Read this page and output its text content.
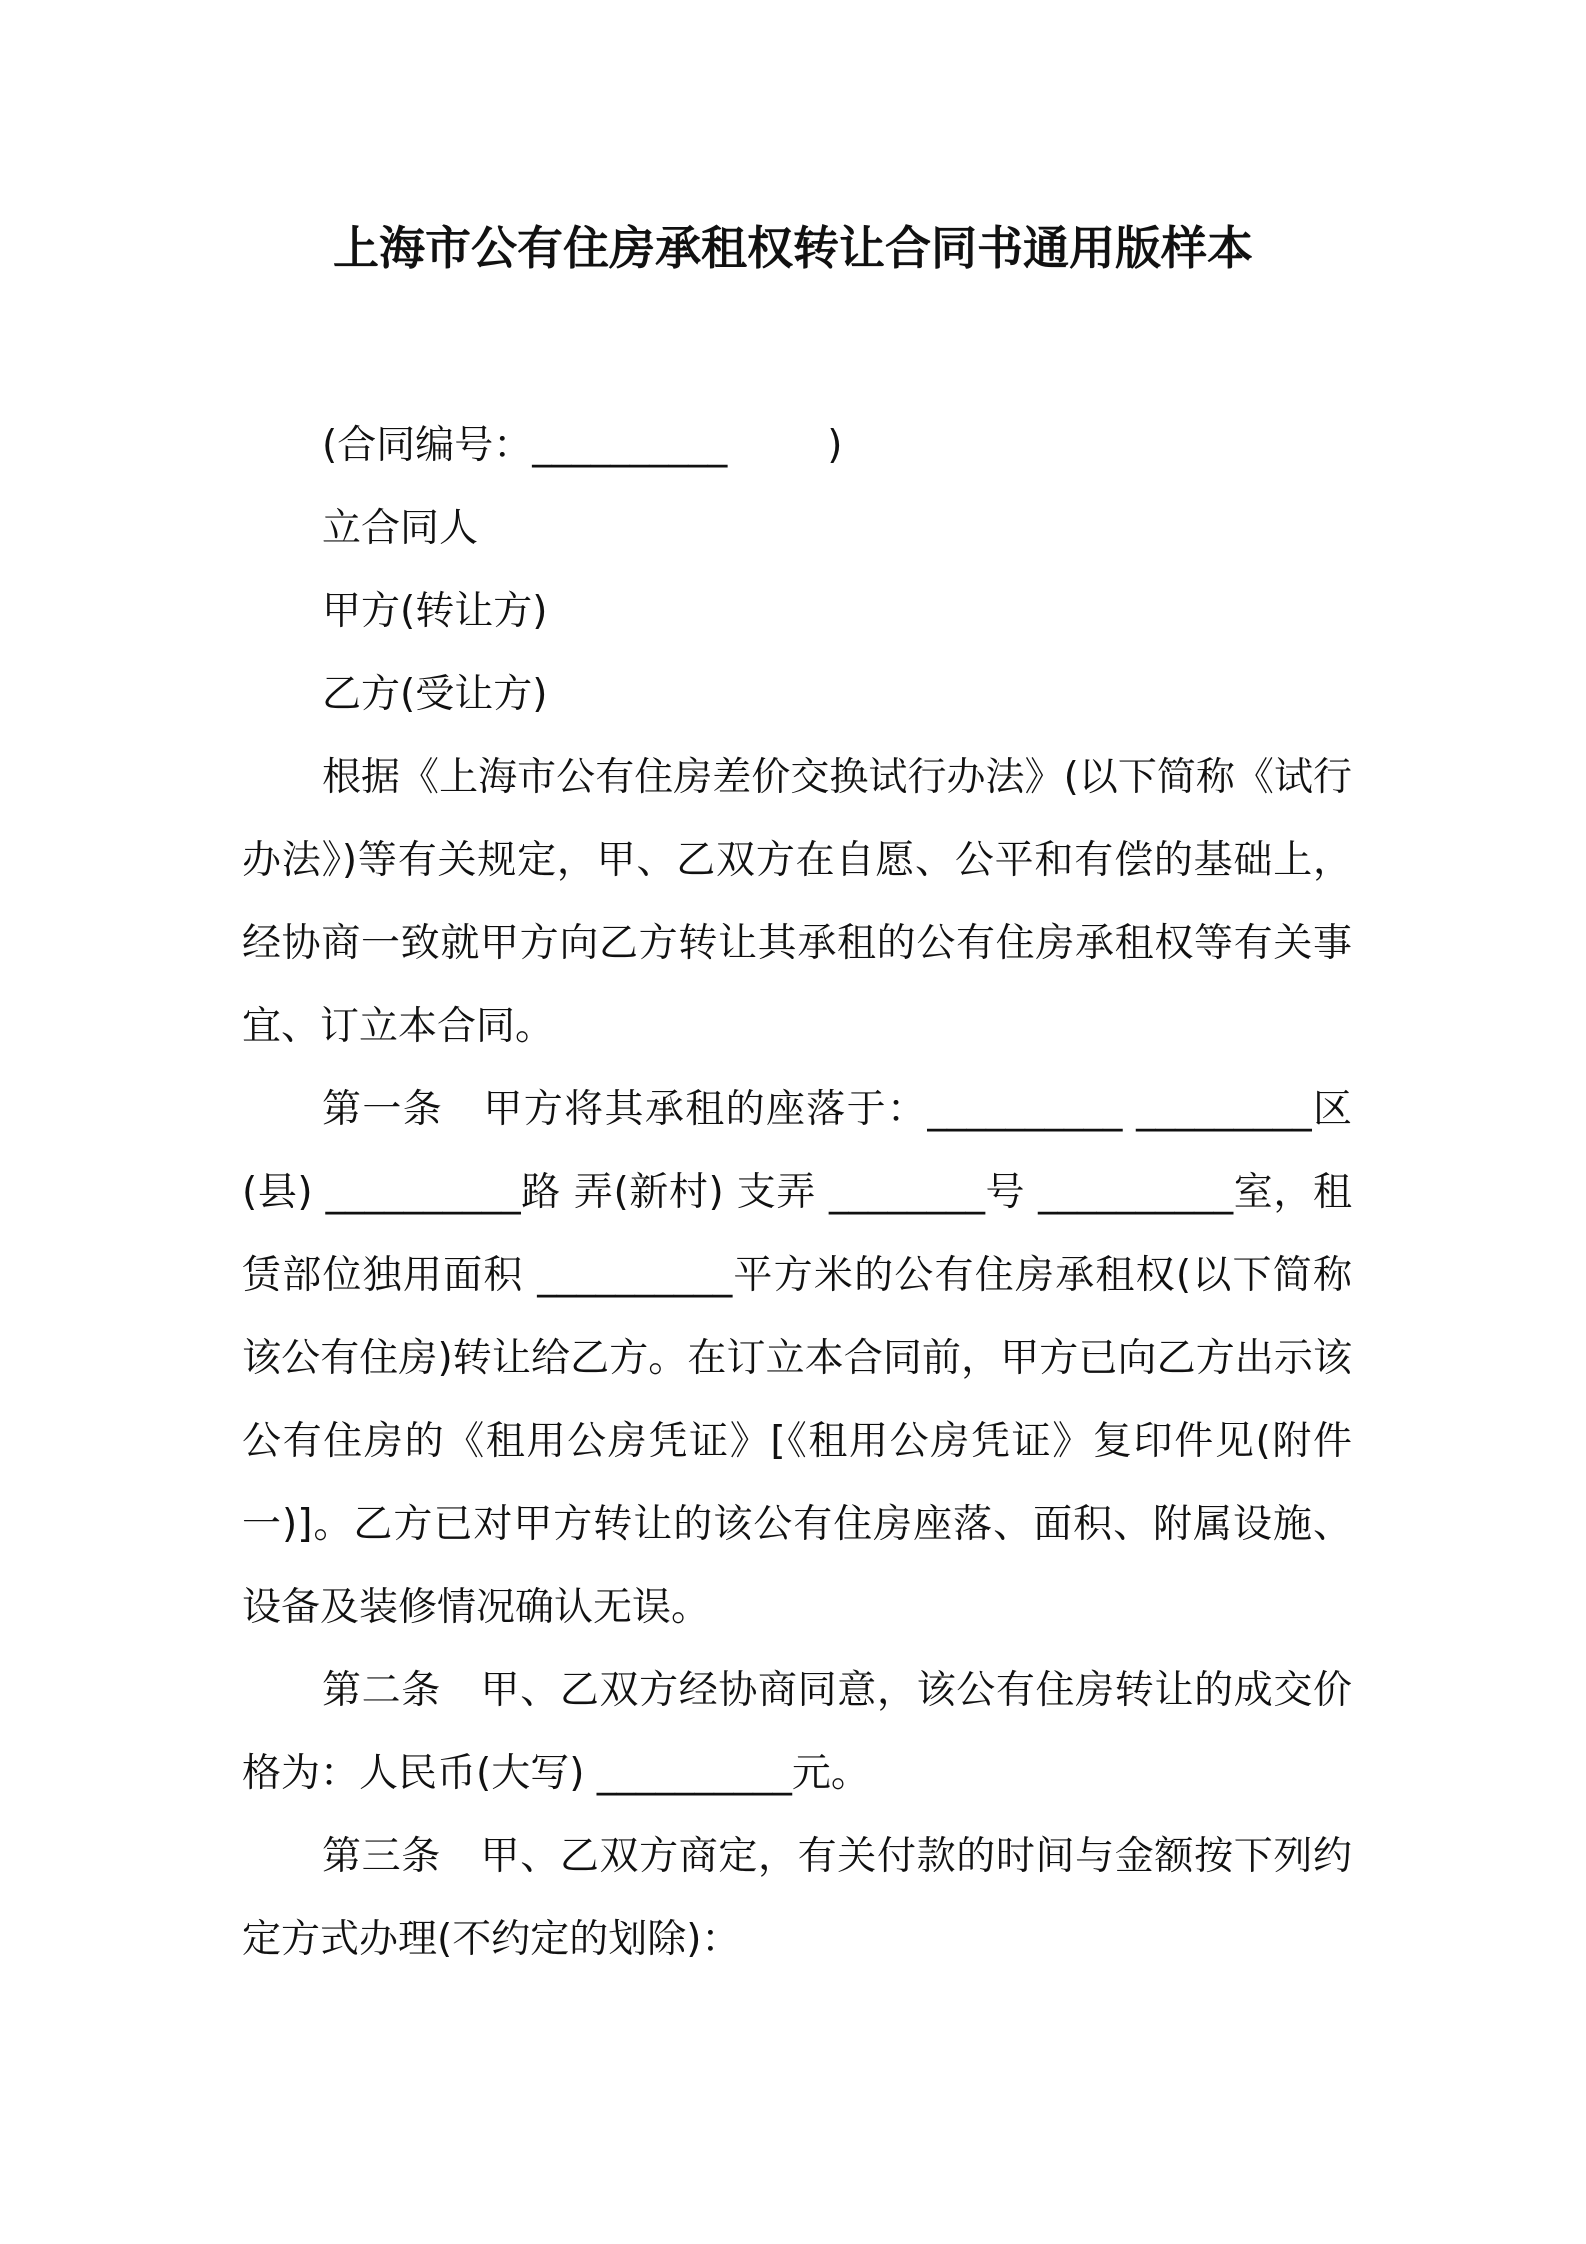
上海市公有住房承租权转让合同书通用版样本

(合同编号：__________	)

立合同人

甲方(转让方)

乙方(受让方)

根据《上海市公有住房差价交换试行办法》(以下简称《试行办法》)等有关规定，甲、乙双方在自愿、公平和有偿的基础上，经协商一致就甲方向乙方转让其承租的公有住房承租权等有关事宜、订立本合同。

第一条　甲方将其承租的座落于：__________ _________区(县) __________路 弄(新村) 支弄 ________号 __________室，租赁部位独用面积 __________平方米的公有住房承租权(以下简称该公有住房)转让给乙方。在订立本合同前，甲方已向乙方出示该公有住房的《租用公房凭证》[《租用公房凭证》复印件见(附件一)]。乙方已对甲方转让的该公有住房座落、面积、附属设施、设备及装修情况确认无误。

第二条　甲、乙双方经协商同意，该公有住房转让的成交价格为：人民币(大写) __________元。

第三条　甲、乙双方商定，有关付款的时间与金额按下列约定方式办理(不约定的划除)：
